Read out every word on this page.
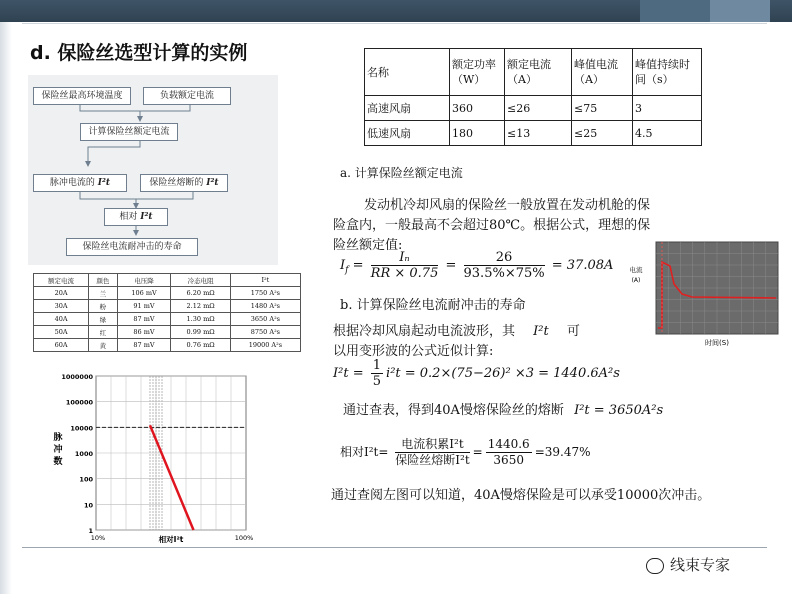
d. 保险丝选型计算的实例
保险丝最高环境温度	负载额定电流
计算保险丝额定电流
脉冲电流的 I²t	保险丝熔断的 I²t
相对 I²t
保险丝电流耐冲击的寿命
额定电流	颜色	电压降	冷态电阻	I²t
20A	兰	106 mV	6.20 mΩ	1750 A²s
30A	粉	91 mV	2.12 mΩ	1480 A²s
40A	绿	87 mV	1.30 mΩ	3650 A²s
50A	红	86 mV	0.99 mΩ	8750 A²s
60A	黄	87 mV	0.76 mΩ	19000 A²s
1000000
100000
10000
1000
100
10
1
10%	100%
相对I²t
脉
冲
数
名称	额定功率（W）	额定电流（A）	峰值电流（A）	峰值持续时间（s）
高速风扇	360	≤26	≤75	3
低速风扇	180	≤13	≤25	4.5
a. 计算保险丝额定电流
发动机冷却风扇的保险丝一般放置在发动机舱的保
险盒内，一般最高不会超过80℃。根据公式，理想的保
险丝额定值:
$I_f = \frac{\text{Iₙ}}{RR \times 0.75} = \frac{26}{93.5\%\times 75\%} = 37.08A$
b. 计算保险丝电流耐冲击的寿命
根据冷却风扇起动电流波形，其 I²t 可
以用变形波的公式近似计算:
$I^2t = \frac{1}{5} i^2t = 0.2\times(75-26)^2 \times 3 = 1440.6A^2s$
通过查表，得到40A慢熔保险丝的熔断 I²t = 3650A²s
相对$I^2t= \frac{\text{电流积累I²t}}{\text{保险丝熔断I²t}} = \frac{1440.6}{3650} =39.47\%$
通过查阅左图可以知道，40A慢熔保险是可以承受10000次冲击。
电流
(A)
时间(S)
线束专家
